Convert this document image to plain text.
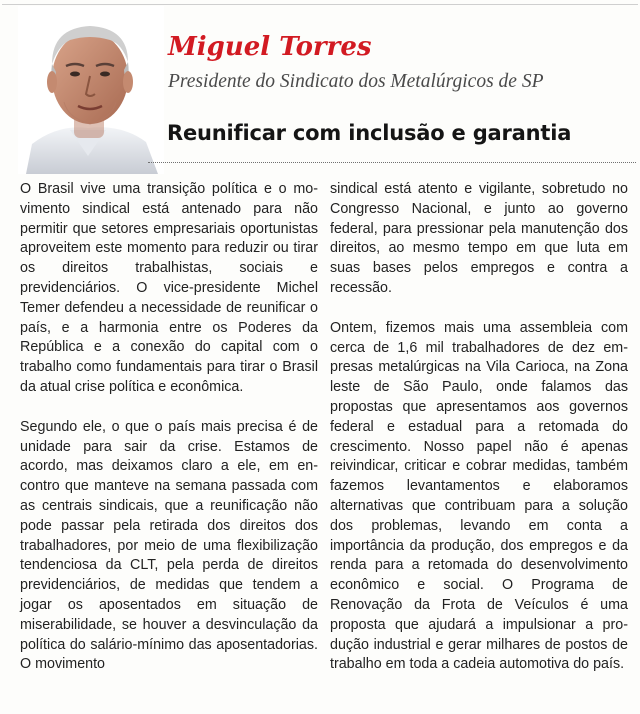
Miguel Torres

Presidente do Sindicato dos Metalúrgicos de SP

Reunificar com inclusão e garantia

O Brasil vive uma transição política e o movimento sindical está antenado para não permitir que setores empresariais oportunistas aproveitem este momento para reduzir ou tirar os direitos trabalhistas, sociais e previdenciários. O vice-presidente Michel Temer defendeu a necessidade de reunificar o país, e a harmonia entre os Poderes da República e a conexão do capital com o trabalho como fundamentais para tirar o Brasil da atual crise política e econômica.

Segundo ele, o que o país mais precisa é de unidade para sair da crise. Estamos de acordo, mas deixamos claro a ele, em encontro que manteve na semana passada com as centrais sindicais, que a reunificação não pode passar pela retirada dos direitos dos trabalhadores, por meio de uma flexibilização tendenciosa da CLT, pela perda de direitos previdenciários, de medidas que tendem a jogar os aposentados em situação de miserabilidade, se houver a desvinculação da política do salário-mínimo das aposentadorias. O movimento

sindical está atento e vigilante, sobretudo no Congresso Nacional, e junto ao governo federal, para pressionar pela manutenção dos direitos, ao mesmo tempo em que luta em suas bases pelos empregos e contra a recessão.

Ontem, fizemos mais uma assembleia com cerca de 1,6 mil trabalhadores de dez empresas metalúrgicas na Vila Carioca, na Zona leste de São Paulo, onde falamos das propostas que apresentamos aos governos federal e estadual para a retomada do crescimento. Nosso papel não é apenas reivindicar, criticar e cobrar medidas, também fazemos levantamentos e elaboramos alternativas que contribuam para a solução dos problemas, levando em conta a importância da produção, dos empregos e da renda para a retomada do desenvolvimento econômico e social. O Programa de Renovação da Frota de Veículos é uma proposta que ajudará a impulsionar a produção industrial e gerar milhares de postos de trabalho em toda a cadeia automotiva do país.
